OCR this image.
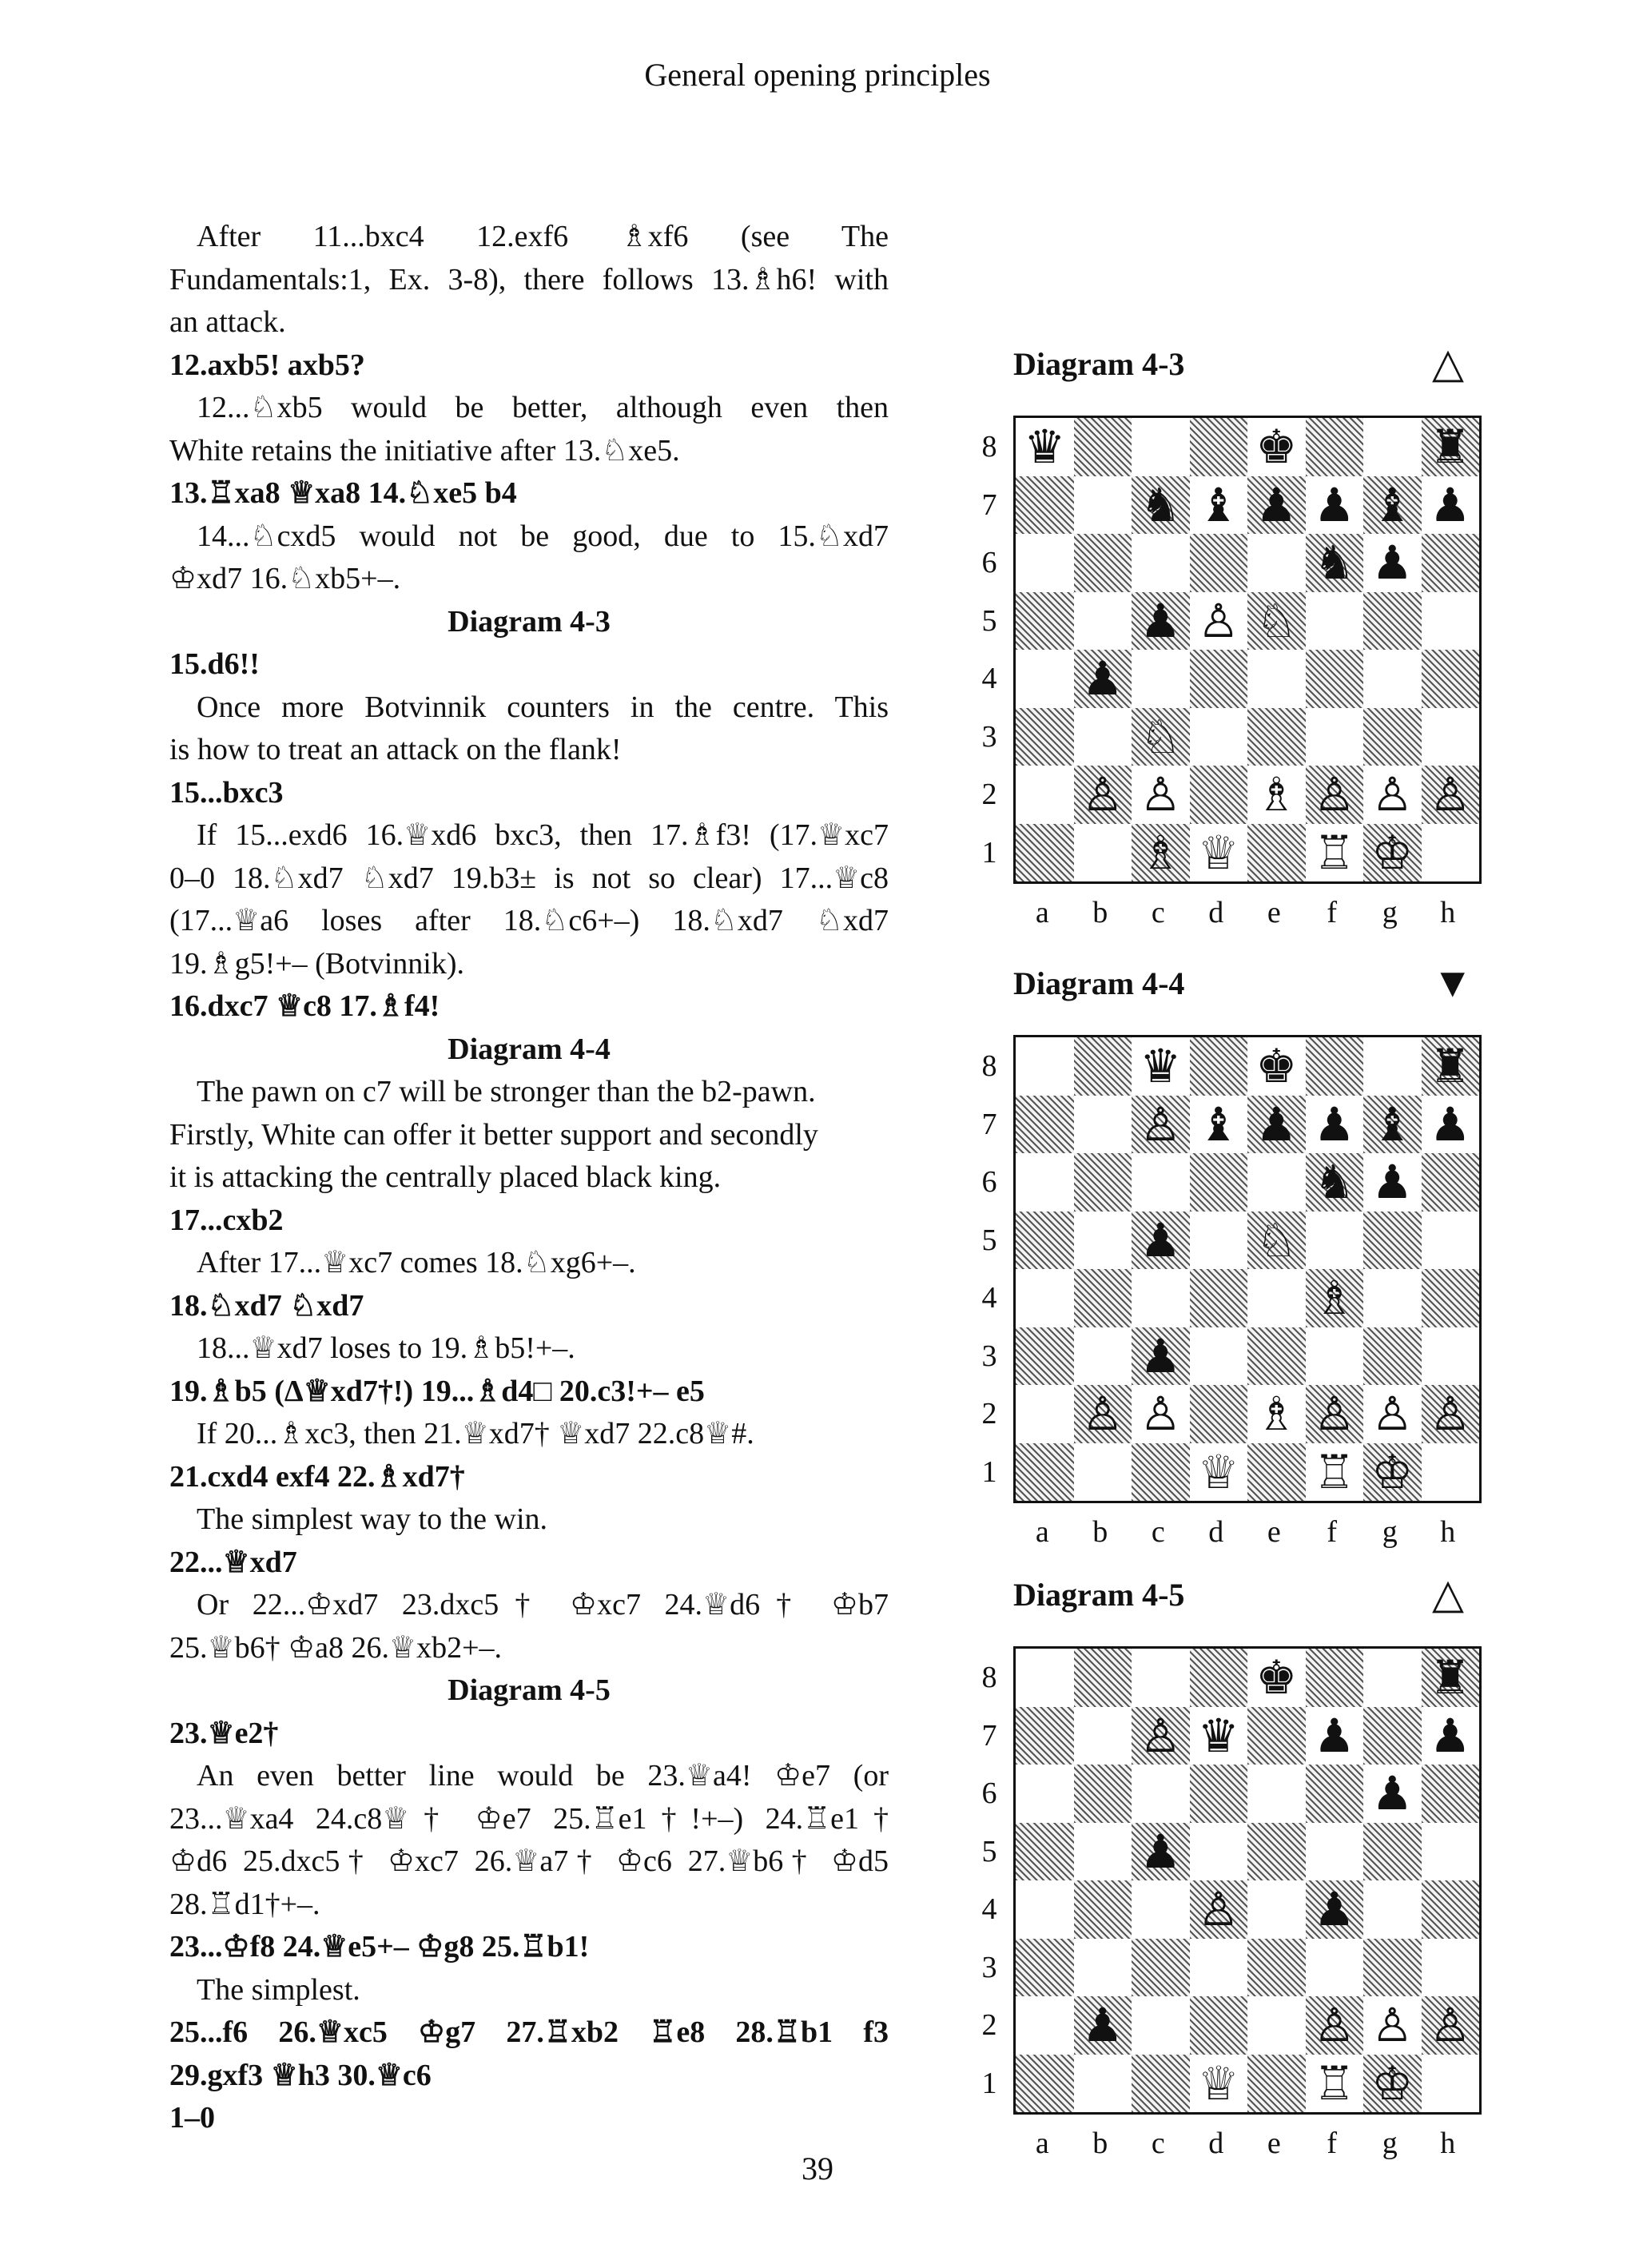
General opening principles
After 11...bxc4 12.exf6 ♗xf6 (see The
Fundamentals:1, Ex. 3-8), there follows 13.♗h6! with
an attack.
12.axb5! axb5?
12...♘xb5 would be better, although even then
White retains the initiative after 13.♘xe5.
13.♖xa8 ♕xa8 14.♘xe5 b4
14...♘cxd5 would not be good, due to 15.♘xd7
♔xd7 16.♘xb5+–.
Diagram 4-3
15.d6!!
Once more Botvinnik counters in the centre. This
is how to treat an attack on the flank!
15...bxc3
If 15...exd6 16.♕xd6 bxc3, then 17.♗f3! (17.♕xc7
0–0 18.♘xd7 ♘xd7 19.b3± is not so clear) 17...♕c8
(17...♕a6 loses after 18.♘c6+–) 18.♘xd7 ♘xd7
19.♗g5!+– (Botvinnik).
16.dxc7 ♕c8 17.♗f4!
Diagram 4-4
The pawn on c7 will be stronger than the b2-pawn.
Firstly, White can offer it better support and secondly
it is attacking the centrally placed black king.
17...cxb2
After 17...♕xc7 comes 18.♘xg6+–.
18.♘xd7 ♘xd7
18...♕xd7 loses to 19.♗b5!+–.
19.♗b5 (Δ♕xd7†!) 19...♗d4□ 20.c3!+– e5
If 20...♗xc3, then 21.♕xd7† ♕xd7 22.c8♕#.
21.cxd4 exf4 22.♗xd7†
The simplest way to the win.
22...♕xd7
Or 22...♔xd7 23.dxc5† ♔xc7 24.♕d6† ♔b7
25.♕b6† ♔a8 26.♕xb2+–.
Diagram 4-5
23.♕e2†
An even better line would be 23.♕a4! ♔e7 (or
23...♕xa4 24.c8♕† ♔e7 25.♖e1†!+–) 24.♖e1†
♔d6 25.dxc5† ♔xc7 26.♕a7† ♔c6 27.♕b6† ♔d5
28.♖d1†+–.
23...♔f8 24.♕e5+– ♔g8 25.♖b1!
The simplest.
25...f6 26.♕xc5 ♔g7 27.♖xb2 ♖e8 28.♖b1 f3
29.gxf3 ♕h3 30.♕c6
1–0
Diagram 4-3	△
8
7
6
5
4
3
2
1
♛	♚	♜
♞ ♝ ♟ ♟ ♝ ♟
♞ ♟
♟ ♙ ♘
♟
♘
♙ ♙ ♗ ♙ ♙ ♙
♗ ♕ ♖ ♔
a	b	c	d	e	f	g	h
Diagram 4-4	▼
8
7
6
5
4
3
2
1
♛ ♚	♜
♙ ♝ ♟ ♟ ♝ ♟
♞ ♟
♟ ♘
♗
♟
♙ ♙ ♗ ♙ ♙ ♙
♕ ♖ ♔
a	b	c	d	e	f	g	h
Diagram 4-5	△
8
7
6
5
4
3
2
1
♚	♜
♙ ♛ ♟ ♟
♟
♟
♙ ♟
♟	♙ ♙ ♙
♕ ♖ ♔
a	b	c	d	e	f	g	h
39
